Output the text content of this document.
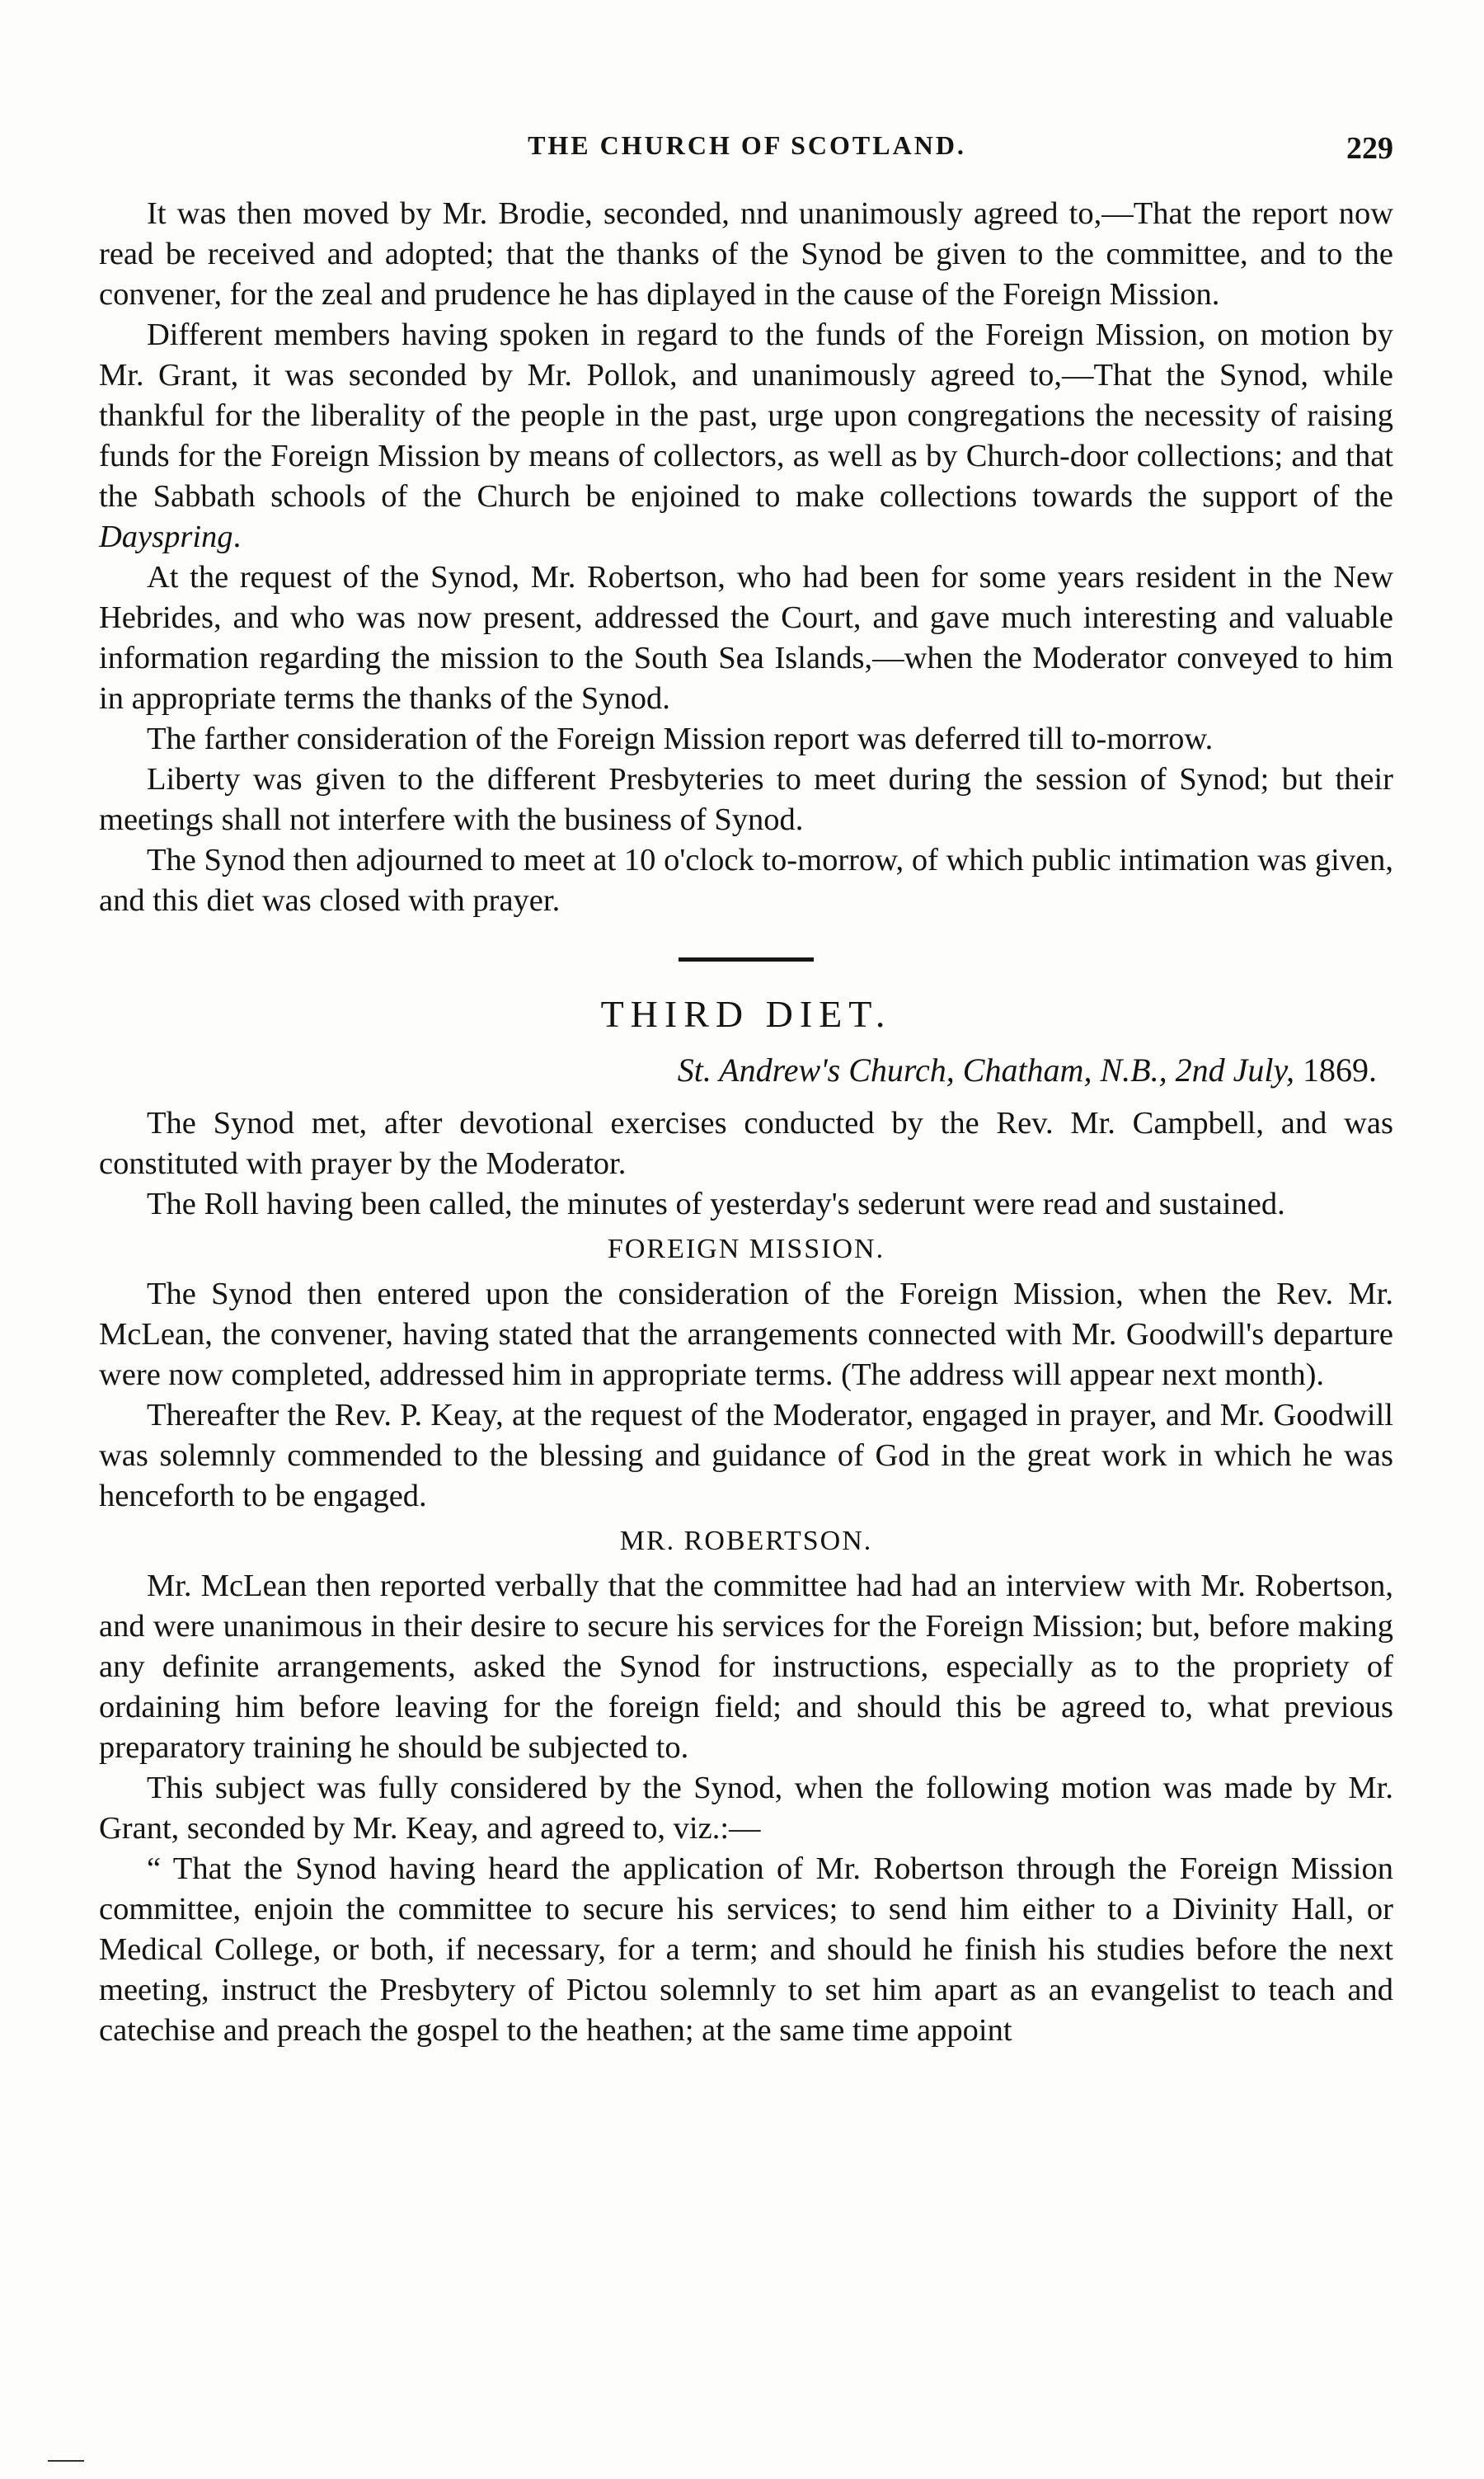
THE CHURCH OF SCOTLAND.	229

It was then moved by Mr. Brodie, seconded, nnd unanimously agreed to,—That the report now read be received and adopted; that the thanks of the Synod be given to the committee, and to the convener, for the zeal and prudence he has diplayed in the cause of the Foreign Mission.

Different members having spoken in regard to the funds of the Foreign Mission, on motion by Mr. Grant, it was seconded by Mr. Pollok, and unanimously agreed to,—That the Synod, while thankful for the liberality of the people in the past, urge upon congregations the necessity of raising funds for the Foreign Mission by means of collectors, as well as by Church-door collections; and that the Sabbath schools of the Church be enjoined to make collections towards the support of the Dayspring.

At the request of the Synod, Mr. Robertson, who had been for some years resident in the New Hebrides, and who was now present, addressed the Court, and gave much interesting and valuable information regarding the mission to the South Sea Islands,—when the Moderator conveyed to him in appropriate terms the thanks of the Synod.

The farther consideration of the Foreign Mission report was deferred till to-morrow.

Liberty was given to the different Presbyteries to meet during the session of Synod; but their meetings shall not interfere with the business of Synod.

The Synod then adjourned to meet at 10 o'clock to-morrow, of which public intimation was given, and this diet was closed with prayer.

THIRD DIET.

St. Andrew's Church, Chatham, N.B., 2nd July, 1869.

The Synod met, after devotional exercises conducted by the Rev. Mr. Campbell, and was constituted with prayer by the Moderator.

The Roll having been called, the minutes of yesterday's sederunt were read and sustained.

FOREIGN MISSION.

The Synod then entered upon the consideration of the Foreign Mission, when the Rev. Mr. McLean, the convener, having stated that the arrangements connected with Mr. Goodwill's departure were now completed, addressed him in appropriate terms. (The address will appear next month).

Thereafter the Rev. P. Keay, at the request of the Moderator, engaged in prayer, and Mr. Goodwill was solemnly commended to the blessing and guidance of God in the great work in which he was henceforth to be engaged.

MR. ROBERTSON.

Mr. McLean then reported verbally that the committee had had an interview with Mr. Robertson, and were unanimous in their desire to secure his services for the Foreign Mission; but, before making any definite arrangements, asked the Synod for instructions, especially as to the propriety of ordaining him before leaving for the foreign field; and should this be agreed to, what previous preparatory training he should be subjected to.

This subject was fully considered by the Synod, when the following motion was made by Mr. Grant, seconded by Mr. Keay, and agreed to, viz.:—

“ That the Synod having heard the application of Mr. Robertson through the Foreign Mission committee, enjoin the committee to secure his services; to send him either to a Divinity Hall, or Medical College, or both, if necessary, for a term; and should he finish his studies before the next meeting, instruct the Presbytery of Pictou solemnly to set him apart as an evangelist to teach and catechise and preach the gospel to the heathen; at the same time appoint
